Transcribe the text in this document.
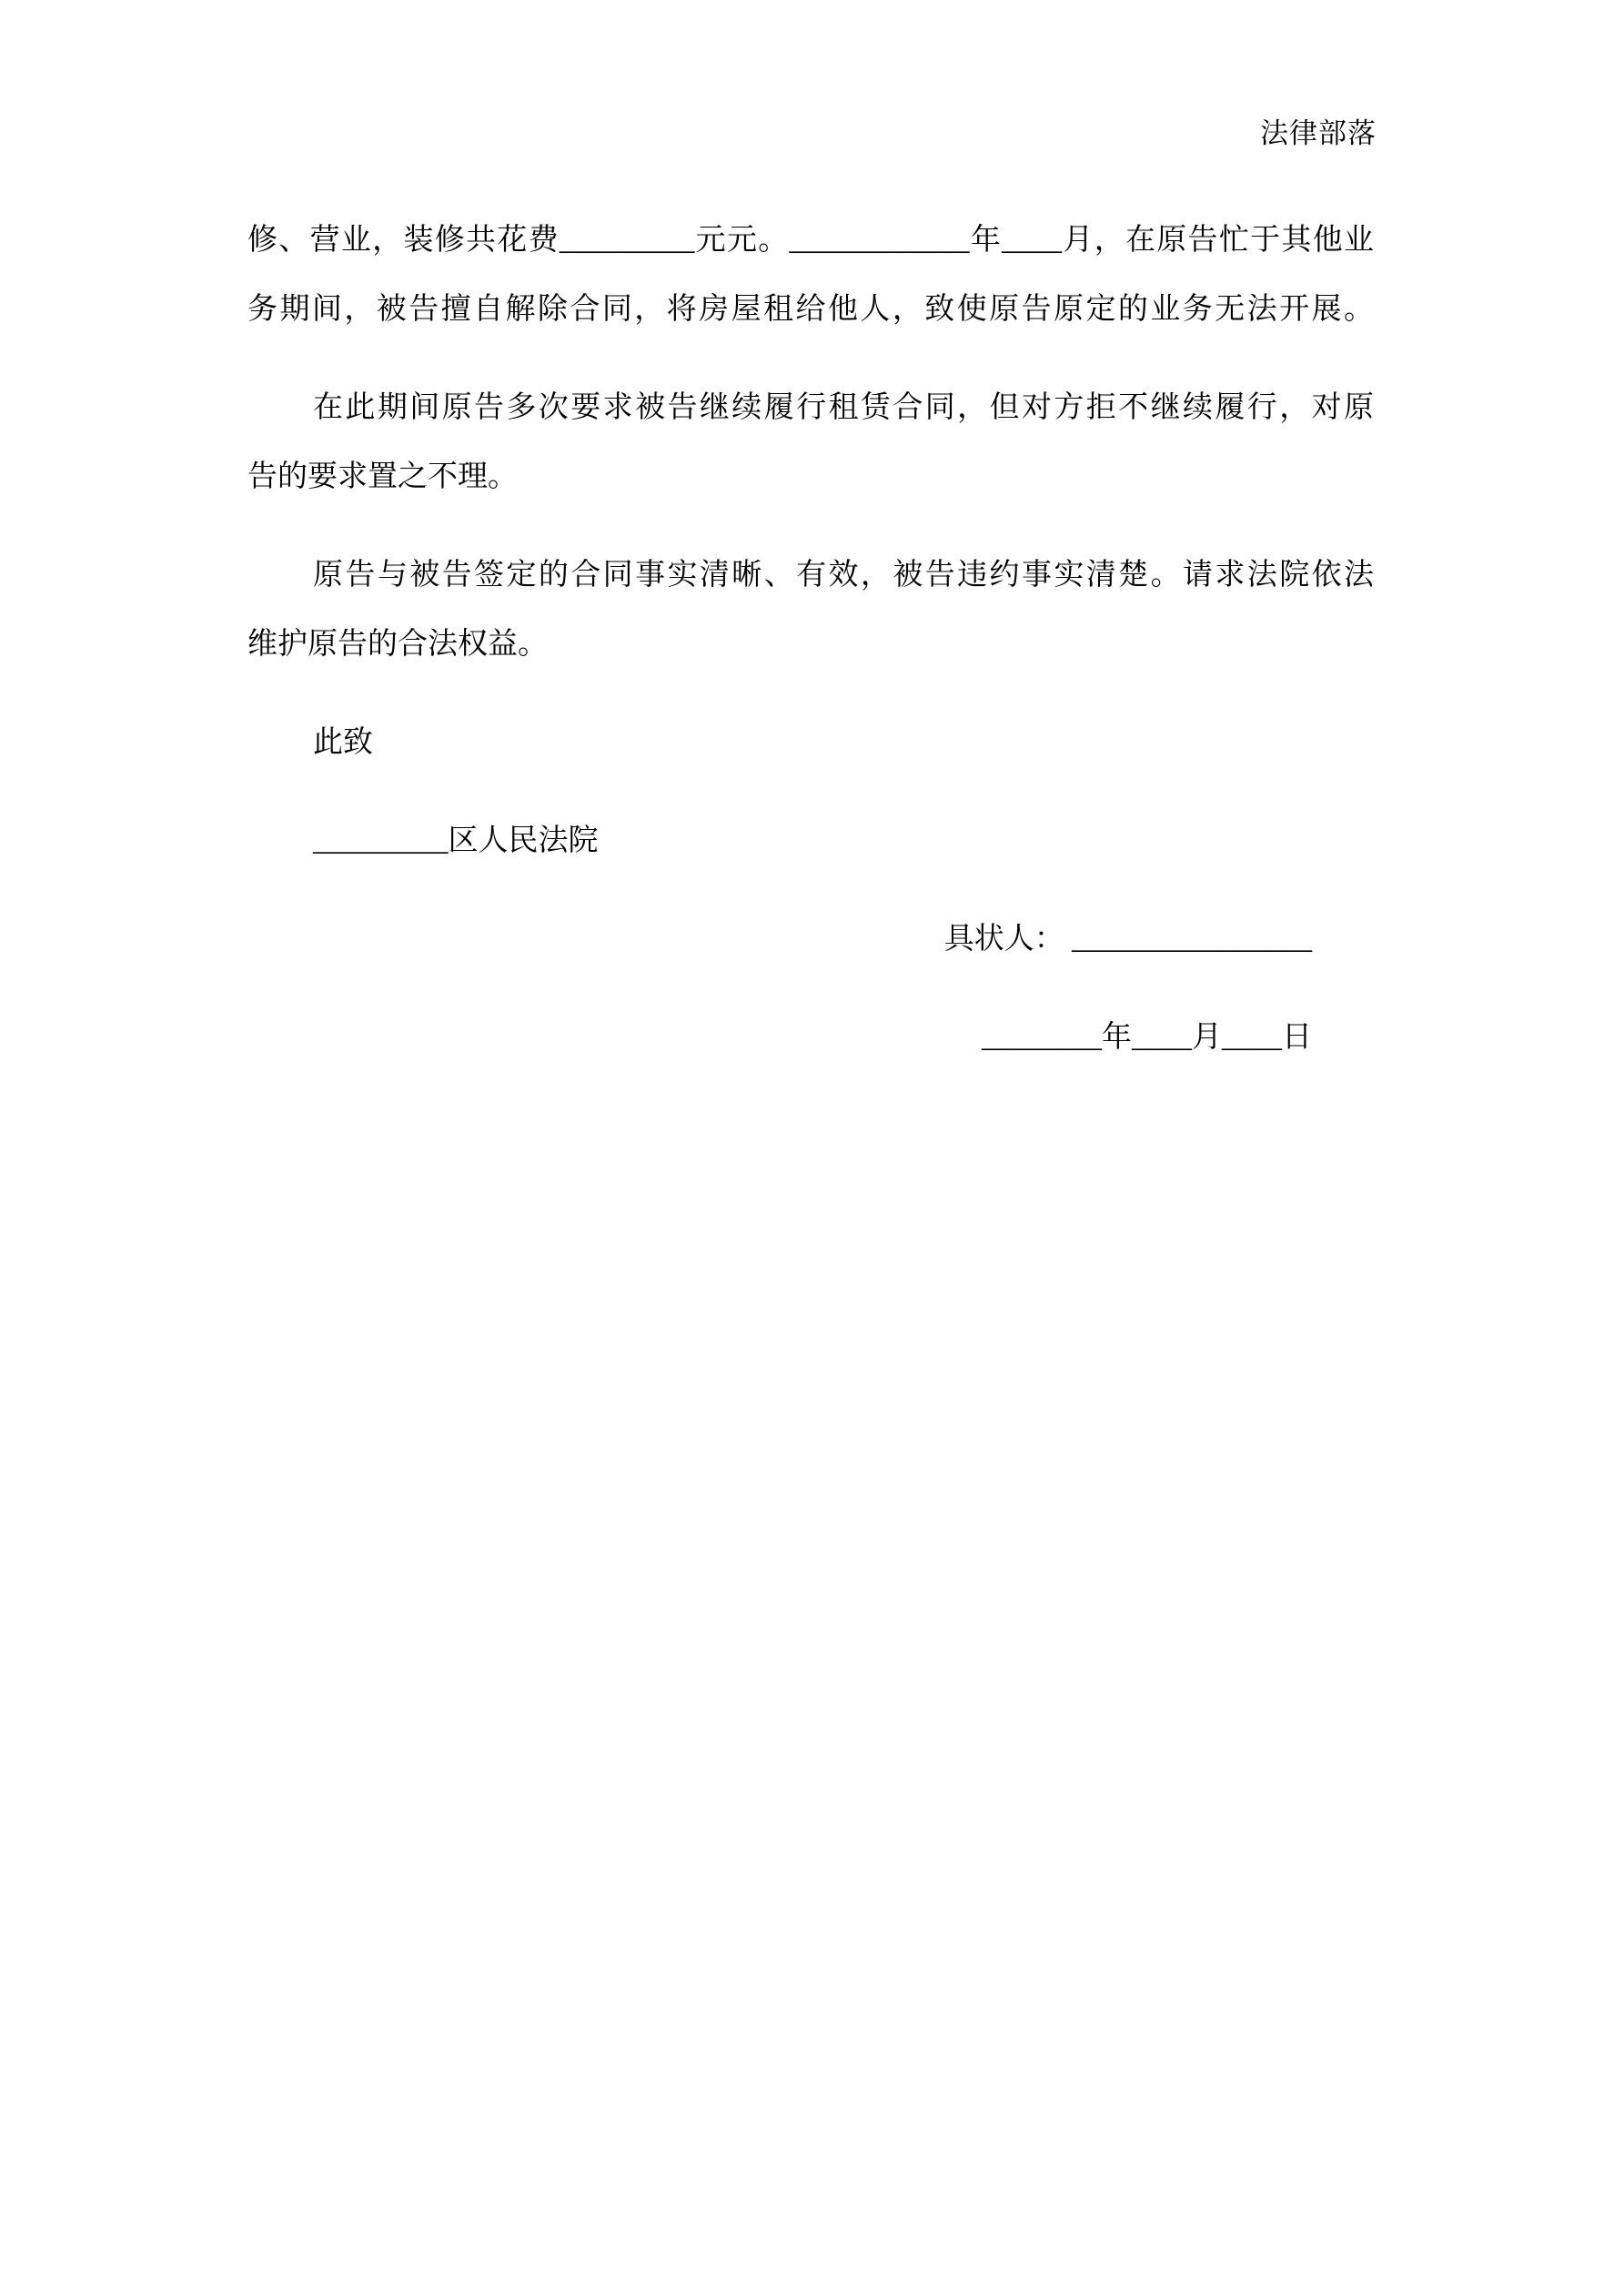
法律部落
修、营业，装修共花费_________元元。____________年____月，在原告忙于其他业
务期间，被告擅自解除合同，将房屋租给他人，致使原告原定的业务无法开展。
在此期间原告多次要求被告继续履行租赁合同，但对方拒不继续履行，对原
告的要求置之不理。
原告与被告签定的合同事实清晰、有效，被告违约事实清楚。请求法院依法
维护原告的合法权益。
此致
_________区人民法院
具状人： ________________
________年____月____日
